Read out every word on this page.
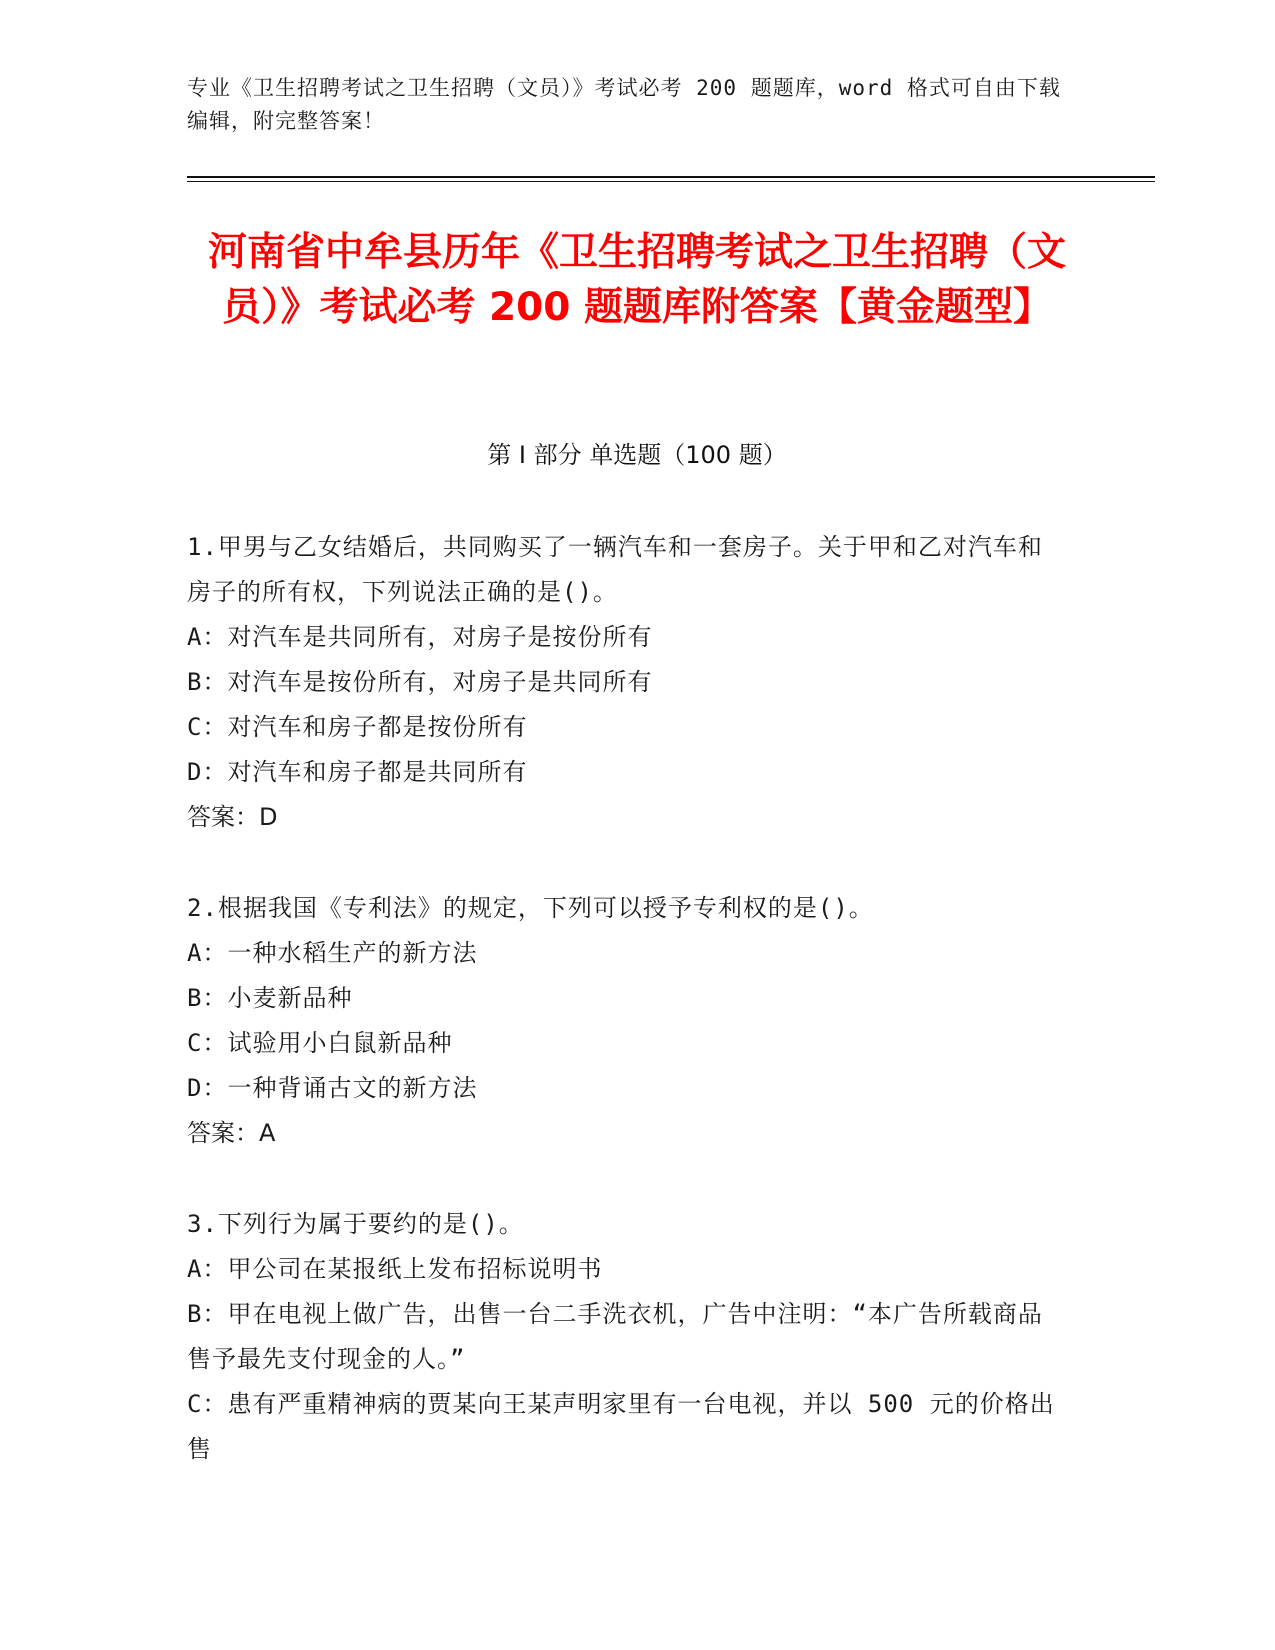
专业《卫生招聘考试之卫生招聘（文员）》考试必考 200 题题库，word 格式可自由下载编辑，附完整答案！
河南省中牟县历年《卫生招聘考试之卫生招聘（文员）》考试必考 200 题题库附答案【黄金题型】
第 I 部分 单选题（100 题）
1.甲男与乙女结婚后，共同购买了一辆汽车和一套房子。关于甲和乙对汽车和房子的所有权，下列说法正确的是()。
A：对汽车是共同所有，对房子是按份所有
B：对汽车是按份所有，对房子是共同所有
C：对汽车和房子都是按份所有
D：对汽车和房子都是共同所有
答案：D
2.根据我国《专利法》的规定，下列可以授予专利权的是()。
A：一种水稻生产的新方法
B：小麦新品种
C：试验用小白鼠新品种
D：一种背诵古文的新方法
答案：A
3.下列行为属于要约的是()。
A：甲公司在某报纸上发布招标说明书
B：甲在电视上做广告，出售一台二手洗衣机，广告中注明：“本广告所载商品售予最先支付现金的人。”
C：患有严重精神病的贾某向王某声明家里有一台电视，并以 500 元的价格出售
